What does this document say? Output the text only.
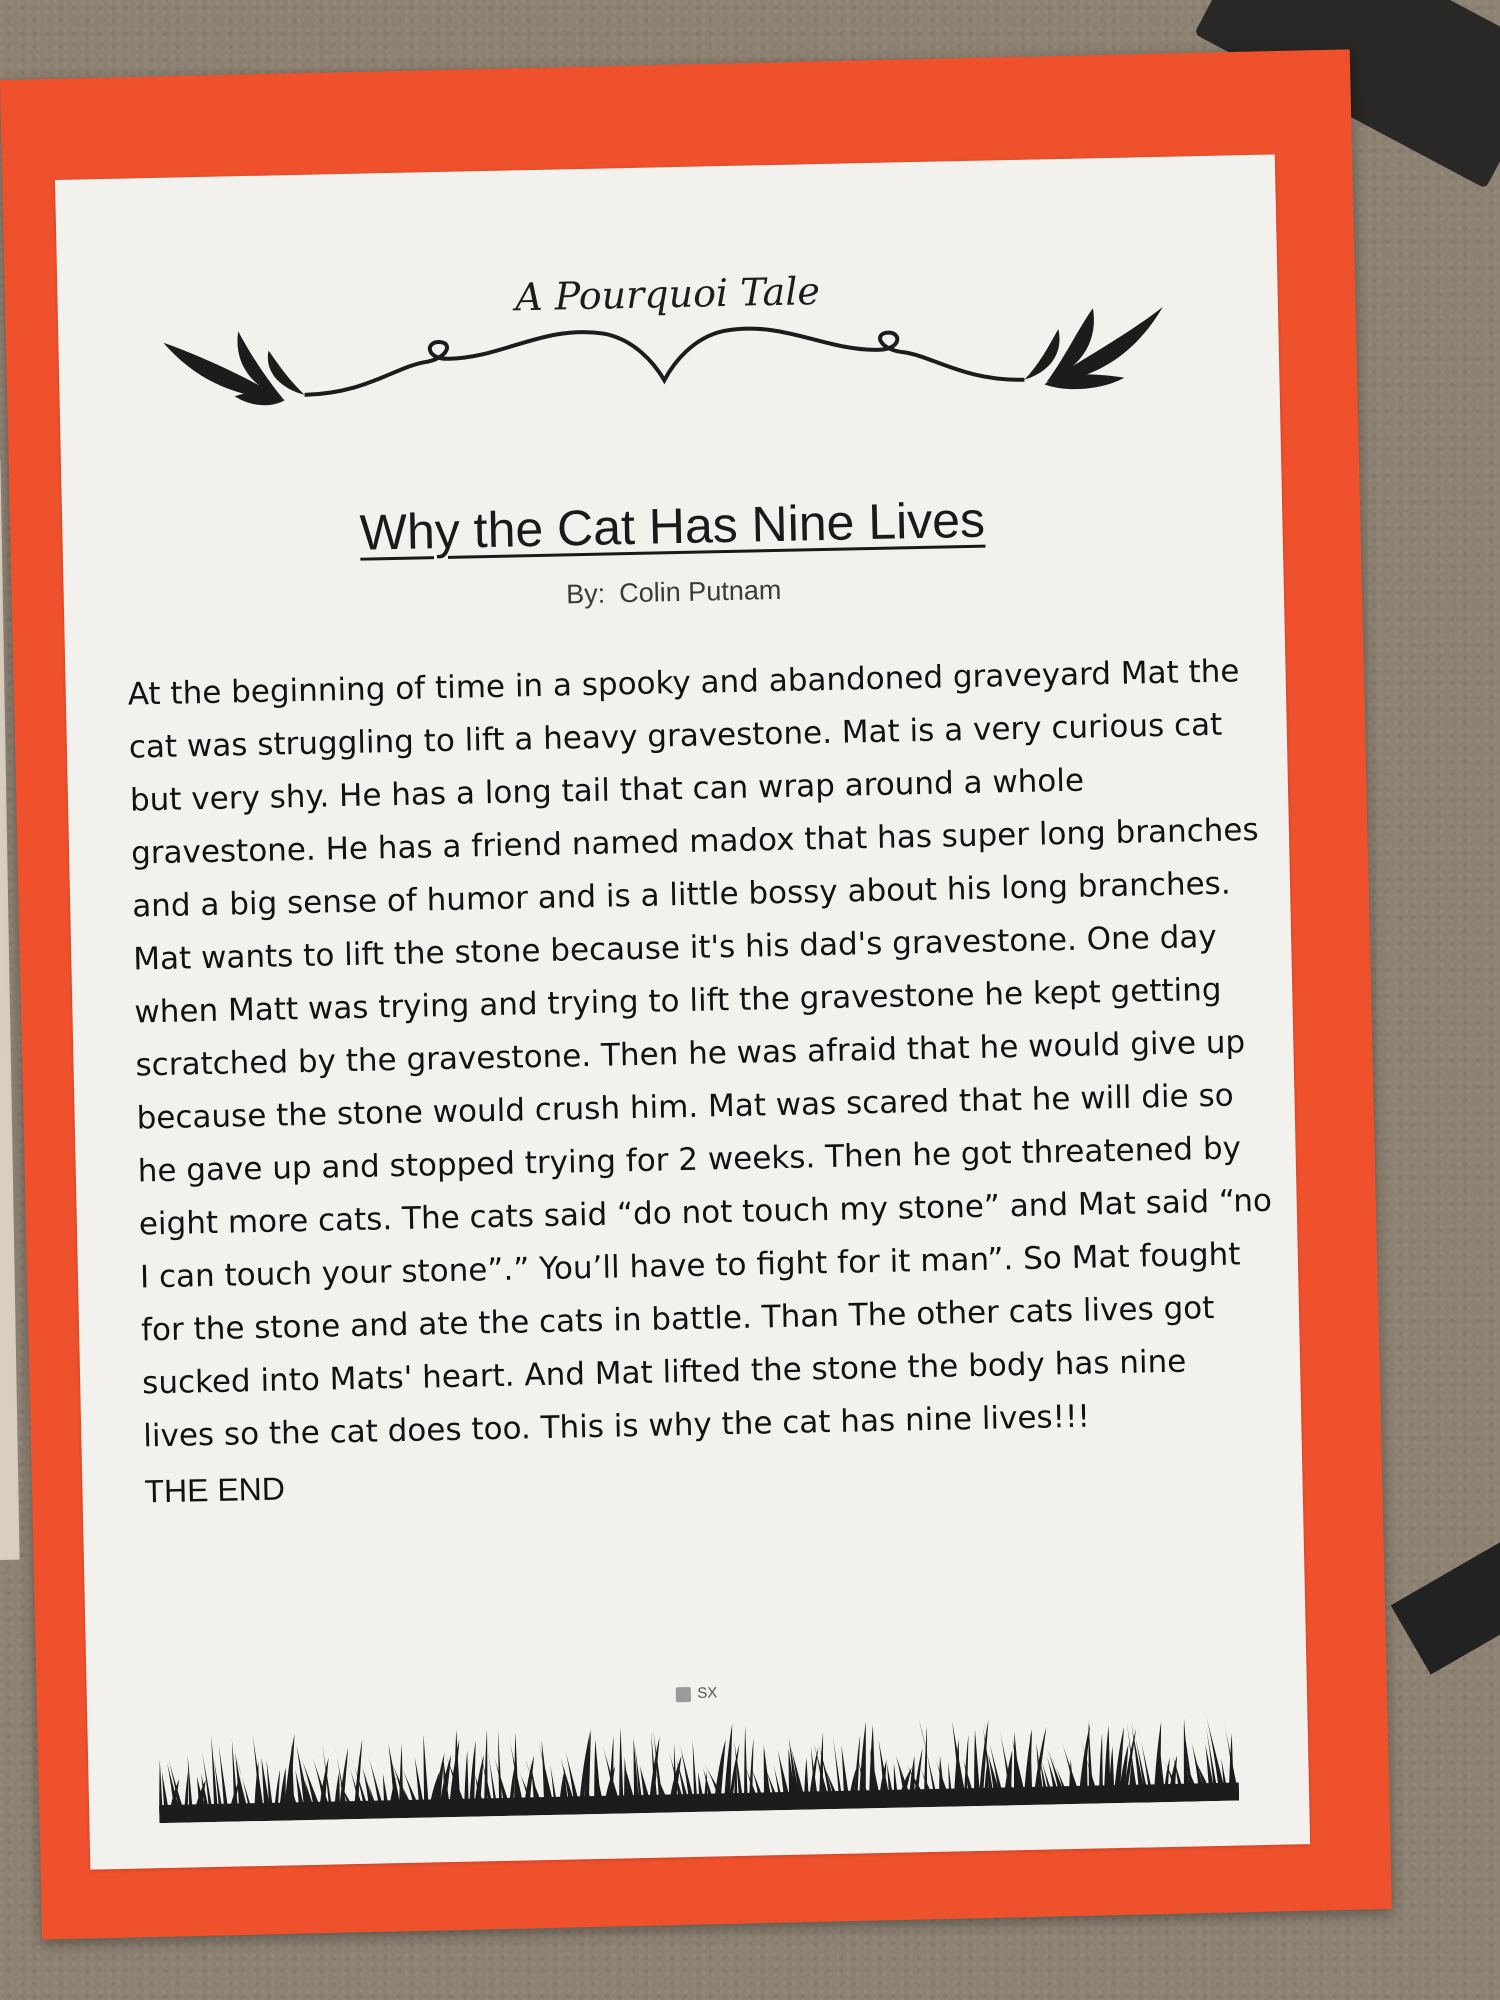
A Pourquoi Tale
Why the Cat Has Nine Lives
By: Colin Putnam

At the beginning of time in a spooky and abandoned graveyard Mat the

cat was struggling to lift a heavy gravestone. Mat is a very curious cat

but very shy. He has a long tail that can wrap around a whole

gravestone. He has a friend named madox that has super long branches

and a big sense of humor and is a little bossy about his long branches.

Mat wants to lift the stone because it's his dad's gravestone. One day

when Matt was trying and trying to lift the gravestone he kept getting

scratched by the gravestone. Then he was afraid that he would give up

because the stone would crush him. Mat was scared that he will die so

he gave up and stopped trying for 2 weeks. Then he got threatened by

eight more cats. The cats said “do not touch my stone” and Mat said “no

I can touch your stone”.” You’ll have to fight for it man”. So Mat fought

for the stone and ate the cats in battle. Than The other cats lives got

sucked into Mats' heart. And Mat lifted the stone the body has nine

lives so the cat does too. This is why the cat has nine lives!!!

THE END
SX
